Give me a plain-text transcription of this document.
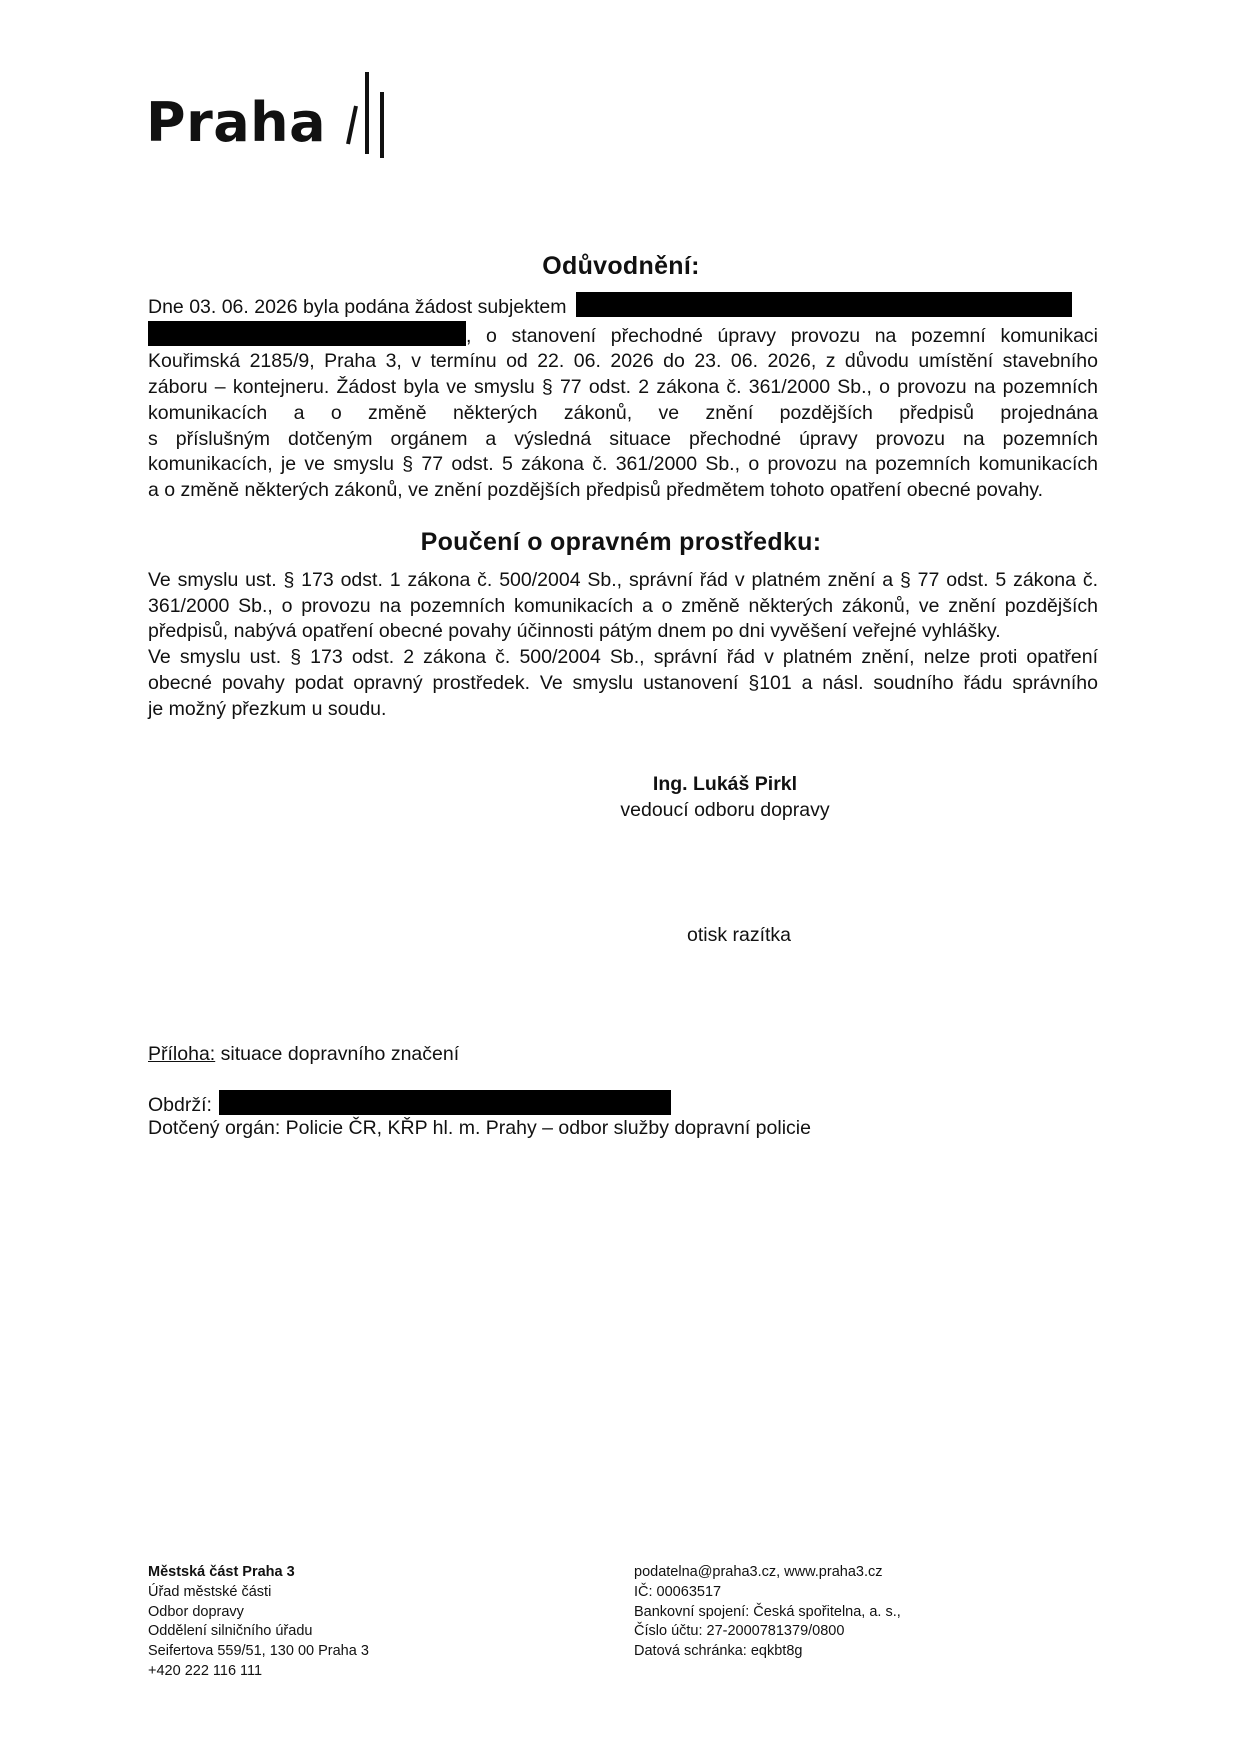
Praha
Odůvodnění:
Dne 03. 06. 2026 byla podána žádost subjektem
, o stanovení přechodné úpravy provozu na pozemní komunikaci
Kouřimská 2185/9, Praha 3, v termínu od 22. 06. 2026 do 23. 06. 2026, z důvodu umístění stavebního
záboru – kontejneru. Žádost byla ve smyslu § 77 odst. 2 zákona č. 361/2000 Sb., o provozu na pozemních
komunikacích a o změně některých zákonů, ve znění pozdějších předpisů projednána
s příslušným dotčeným orgánem a výsledná situace přechodné úpravy provozu na pozemních
komunikacích, je ve smyslu § 77 odst. 5 zákona č. 361/2000 Sb., o provozu na pozemních komunikacích
a o změně některých zákonů, ve znění pozdějších předpisů předmětem tohoto opatření obecné povahy.
Poučení o opravném prostředku:
Ve smyslu ust. § 173 odst. 1 zákona č. 500/2004 Sb., správní řád v platném znění a § 77 odst. 5 zákona č.
361/2000 Sb., o provozu na pozemních komunikacích a o změně některých zákonů, ve znění pozdějších
předpisů, nabývá opatření obecné povahy účinnosti pátým dnem po dni vyvěšení veřejné vyhlášky.
Ve smyslu ust. § 173 odst. 2 zákona č. 500/2004 Sb., správní řád v platném znění, nelze proti opatření
obecné povahy podat opravný prostředek. Ve smyslu ustanovení §101 a násl. soudního řádu správního
je možný přezkum u soudu.
Ing. Lukáš Pirkl
vedoucí odboru dopravy
otisk razítka
Příloha: situace dopravního značení
Obdrží:
Dotčený orgán: Policie ČR, KŘP hl. m. Prahy – odbor služby dopravní policie
Městská část Praha 3
Úřad městské části
Odbor dopravy
Oddělení silničního úřadu
Seifertova 559/51, 130 00 Praha 3
+420 222 116 111
podatelna@praha3.cz, www.praha3.cz
IČ: 00063517
Bankovní spojení: Česká spořitelna, a. s.,
Číslo účtu: 27-2000781379/0800
Datová schránka: eqkbt8g
